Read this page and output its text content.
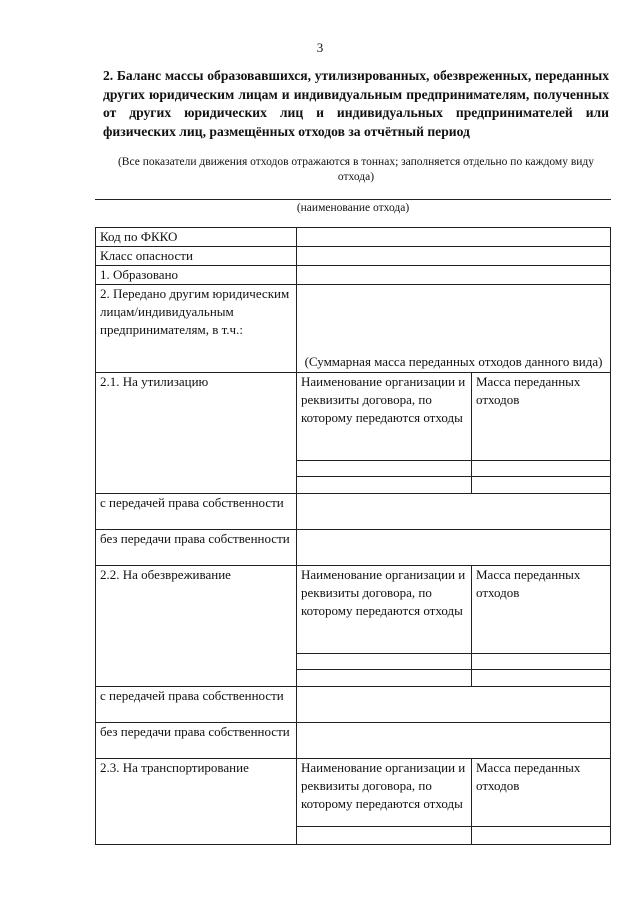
3
2. Баланс массы образовавшихся, утилизированных, обезвреженных, переданных других юридическим лицам и индивидуальным предпринимателям, полученных от других юридических лиц и индивидуальных предпринимателей или физических лиц, размещённых отходов за отчётный период
(Все показатели движения отходов отражаются в тоннах; заполняется отдельно по каждому виду отхода)
(наименование отхода)
Код по ФККО		
Класс опасности		
1. Образовано		
2. Передано другим юридическим лицам/индивидуальным предпринимателям, в т.ч.:	(Суммарная масса переданных отходов данного вида)	
2.1. На утилизацию	Наименование организации и реквизиты договора, по которому передаются отходы	Масса переданных отходов

с передачей права собственности		
без передачи права собственности		
2.2. На обезвреживание	Наименование организации и реквизиты договора, по которому передаются отходы	Масса переданных отходов

с передачей права собственности		
без передачи права собственности		
2.3. На транспортирование	Наименование организации и реквизиты договора, по которому передаются отходы	Масса переданных отходов
